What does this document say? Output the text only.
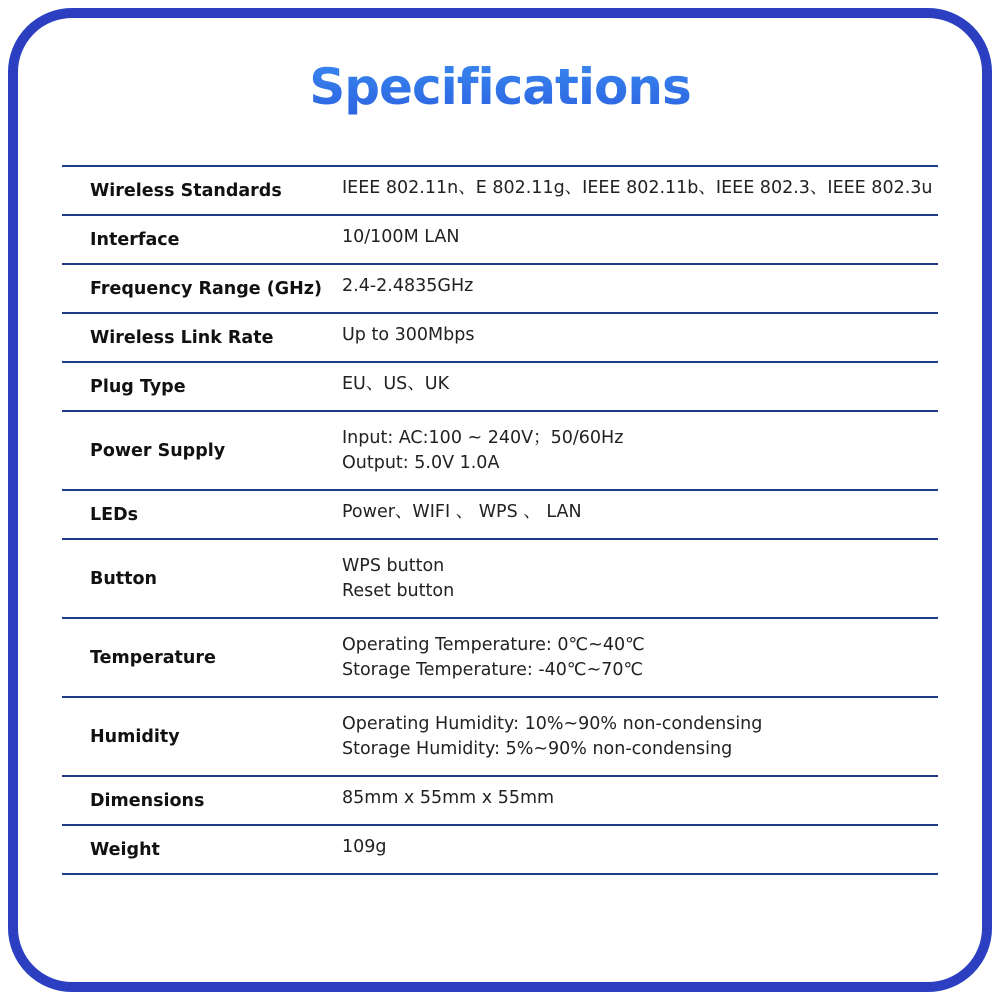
Specifications
Wireless Standards	IEEE 802.11n、E 802.11g、IEEE 802.11b、IEEE 802.3、IEEE 802.3u

Interface	10/100M LAN

Frequency Range (GHz)	2.4-2.4835GHz

Wireless Link Rate	Up to 300Mbps

Plug Type	EU、US、UK

Power Supply	Input: AC:100 ~ 240V；50/60Hz
Output: 5.0V 1.0A

LEDs	Power、WIFI 、 WPS 、 LAN

Button	WPS button
Reset button

Temperature	Operating Temperature: 0℃~40℃
Storage Temperature: -40℃~70℃

Humidity	Operating Humidity: 10%~90% non-condensing
Storage Humidity: 5%~90% non-condensing

Dimensions	85mm x 55mm x 55mm

Weight	109g
